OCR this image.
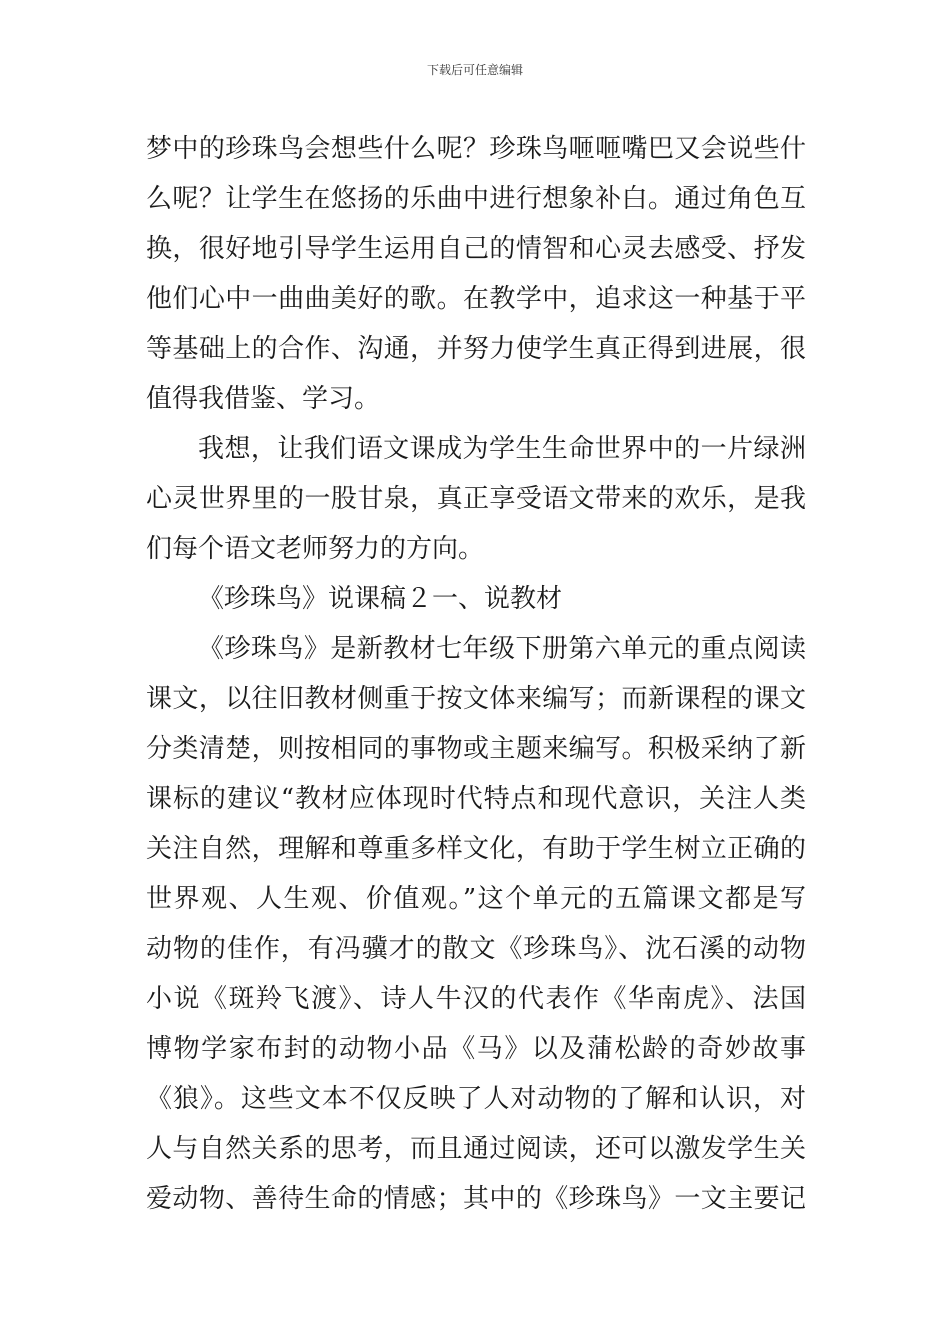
下载后可任意编辑
梦中的珍珠鸟会想些什么呢？珍珠鸟咂咂嘴巴又会说些什
么呢？让学生在悠扬的乐曲中进行想象补白。通过角色互
换，很好地引导学生运用自己的情智和心灵去感受、抒发
他们心中一曲曲美好的歌。在教学中，追求这一种基于平
等基础上的合作、沟通，并努力使学生真正得到进展，很
值得我借鉴、学习。
我想，让我们语文课成为学生生命世界中的一片绿洲
心灵世界里的一股甘泉，真正享受语文带来的欢乐，是我
们每个语文老师努力的方向。
《珍珠鸟》说课稿２一、说教材
《珍珠鸟》是新教材七年级下册第六单元的重点阅读
课文，以往旧教材侧重于按文体来编写；而新课程的课文
分类清楚，则按相同的事物或主题来编写。积极采纳了新
课标的建议“教材应体现时代特点和现代意识，关注人类
关注自然，理解和尊重多样文化，有助于学生树立正确的
世界观、人生观、价值观。”这个单元的五篇课文都是写
动物的佳作，有冯骥才的散文《珍珠鸟》、沈石溪的动物
小说《斑羚飞渡》、诗人牛汉的代表作《华南虎》、法国
博物学家布封的动物小品《马》以及蒲松龄的奇妙故事
《狼》。这些文本不仅反映了人对动物的了解和认识，对
人与自然关系的思考，而且通过阅读，还可以激发学生关
爱动物、善待生命的情感；其中的《珍珠鸟》一文主要记
